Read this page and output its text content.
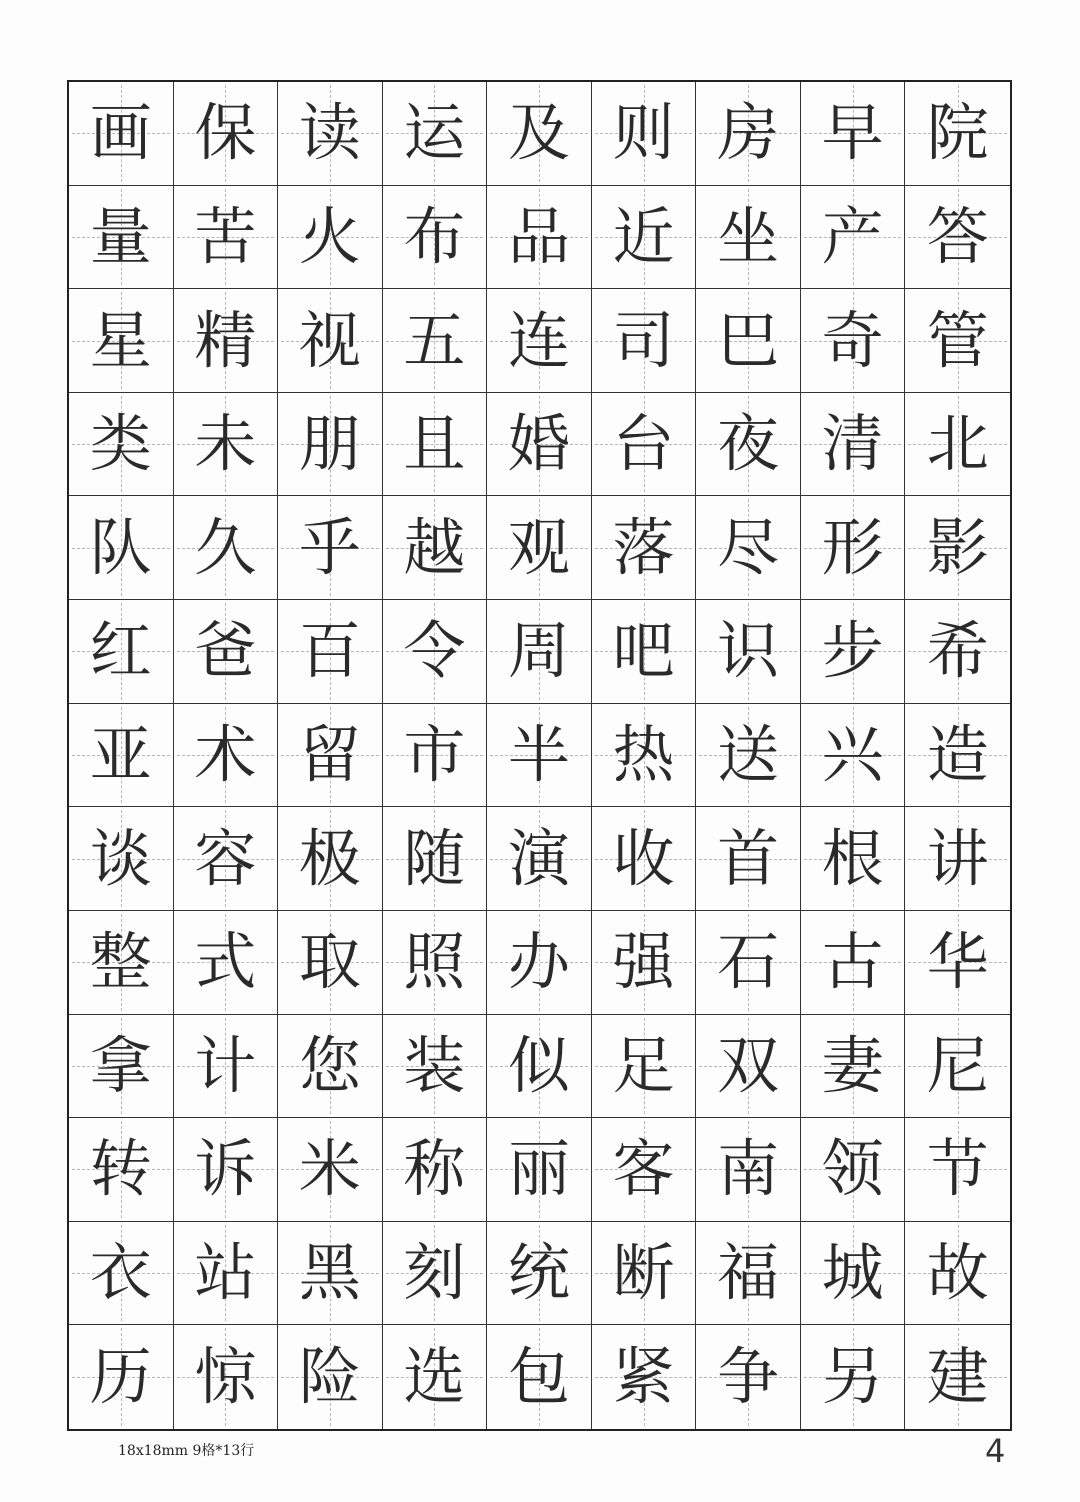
画 保 读 运 及 则 房 早 院
量 苦 火 布 品 近 坐 产 答
星 精 视 五 连 司 巴 奇 管
类 未 朋 且 婚 台 夜 清 北
队 久 乎 越 观 落 尽 形 影
红 爸 百 令 周 吧 识 步 希
亚 术 留 市 半 热 送 兴 造
谈 容 极 随 演 收 首 根 讲
整 式 取 照 办 强 石 古 华
拿 计 您 装 似 足 双 妻 尼
转 诉 米 称 丽 客 南 领 节
衣 站 黑 刻 统 断 福 城 故
历 惊 险 选 包 紧 争 另 建
18x18mm 9格*13行	4
